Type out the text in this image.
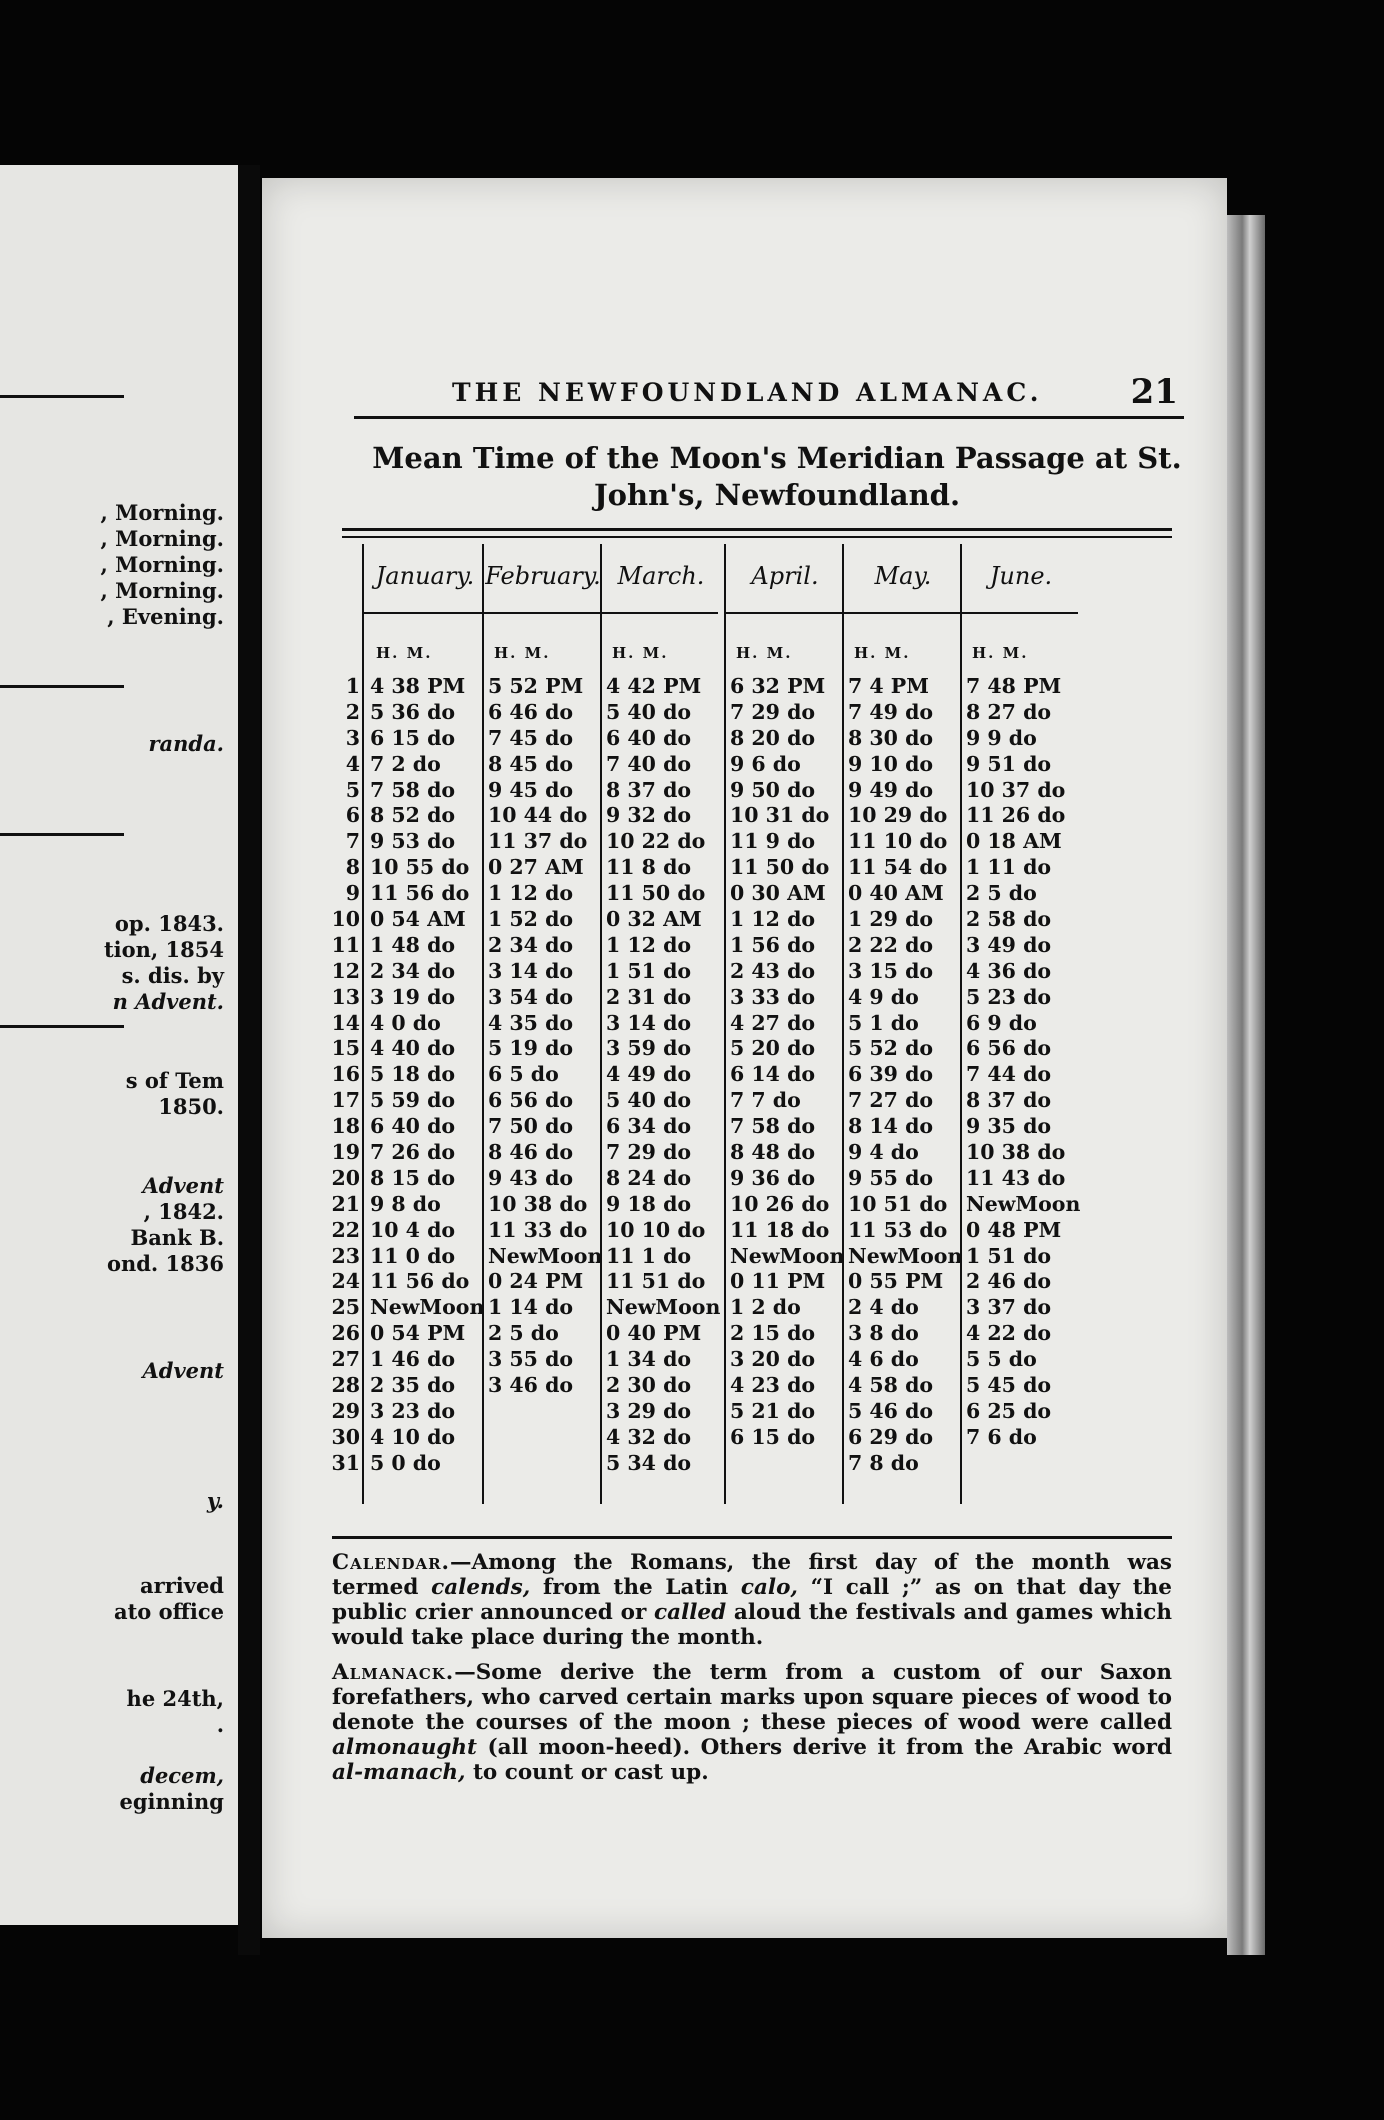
, Morning.
, Morning.
, Morning.
, Morning.
, Evening.
randa.
op. 1843.
tion, 1854
s. dis. by
n Advent.
s of Tem
1850.
Advent
, 1842.
Bank B.
ond. 1836
Advent
y.
arrived
ato office
he 24th,
.
decem,
eginning
THE NEWFOUNDLAND ALMANAC.	21
Mean Time of the Moon's Meridian Passage at St.
John's, Newfoundland.
1
2
3
4
5
6
7
8
9
10
11
12
13
14
15
16
17
18
19
20
21
22
23
24
25
26
27
28
29
30
31
January.
H. M.
4 38 PM
5 36 do
6 15 do
7 2 do
7 58 do
8 52 do
9 53 do
10 55 do
11 56 do
0 54 AM
1 48 do
2 34 do
3 19 do
4 0 do
4 40 do
5 18 do
5 59 do
6 40 do
7 26 do
8 15 do
9 8 do
10 4 do
11 0 do
11 56 do
NewMoon
0 54 PM
1 46 do
2 35 do
3 23 do
4 10 do
5 0 do
February.
H. M.
5 52 PM
6 46 do
7 45 do
8 45 do
9 45 do
10 44 do
11 37 do
0 27 AM
1 12 do
1 52 do
2 34 do
3 14 do
3 54 do
4 35 do
5 19 do
6 5 do
6 56 do
7 50 do
8 46 do
9 43 do
10 38 do
11 33 do
NewMoon
0 24 PM
1 14 do
2 5 do
3 55 do
3 46 do
March.
H. M.
4 42 PM
5 40 do
6 40 do
7 40 do
8 37 do
9 32 do
10 22 do
11 8 do
11 50 do
0 32 AM
1 12 do
1 51 do
2 31 do
3 14 do
3 59 do
4 49 do
5 40 do
6 34 do
7 29 do
8 24 do
9 18 do
10 10 do
11 1 do
11 51 do
NewMoon
0 40 PM
1 34 do
2 30 do
3 29 do
4 32 do
5 34 do
April.
H. M.
6 32 PM
7 29 do
8 20 do
9 6 do
9 50 do
10 31 do
11 9 do
11 50 do
0 30 AM
1 12 do
1 56 do
2 43 do
3 33 do
4 27 do
5 20 do
6 14 do
7 7 do
7 58 do
8 48 do
9 36 do
10 26 do
11 18 do
NewMoon
0 11 PM
1 2 do
2 15 do
3 20 do
4 23 do
5 21 do
6 15 do
May.
H. M.
7 4 PM
7 49 do
8 30 do
9 10 do
9 49 do
10 29 do
11 10 do
11 54 do
0 40 AM
1 29 do
2 22 do
3 15 do
4 9 do
5 1 do
5 52 do
6 39 do
7 27 do
8 14 do
9 4 do
9 55 do
10 51 do
11 53 do
NewMoon
0 55 PM
2 4 do
3 8 do
4 6 do
4 58 do
5 46 do
6 29 do
7 8 do
June.
H. M.
7 48 PM
8 27 do
9 9 do
9 51 do
10 37 do
11 26 do
0 18 AM
1 11 do
2 5 do
2 58 do
3 49 do
4 36 do
5 23 do
6 9 do
6 56 do
7 44 do
8 37 do
9 35 do
10 38 do
11 43 do
NewMoon
0 48 PM
1 51 do
2 46 do
3 37 do
4 22 do
5 5 do
5 45 do
6 25 do
7 6 do
Calendar.—Among the Romans, the first day of the month was termed calends, from the Latin calo, “I call ;” as on that day the public crier announced or called aloud the festivals and games which would take place during the month.
Almanack.—Some derive the term from a custom of our Saxon forefathers, who carved certain marks upon square pieces of wood to denote the courses of the moon ; these pieces of wood were called almonaught (all moon-heed). Others derive it from the Arabic word al-manach, to count or cast up.
